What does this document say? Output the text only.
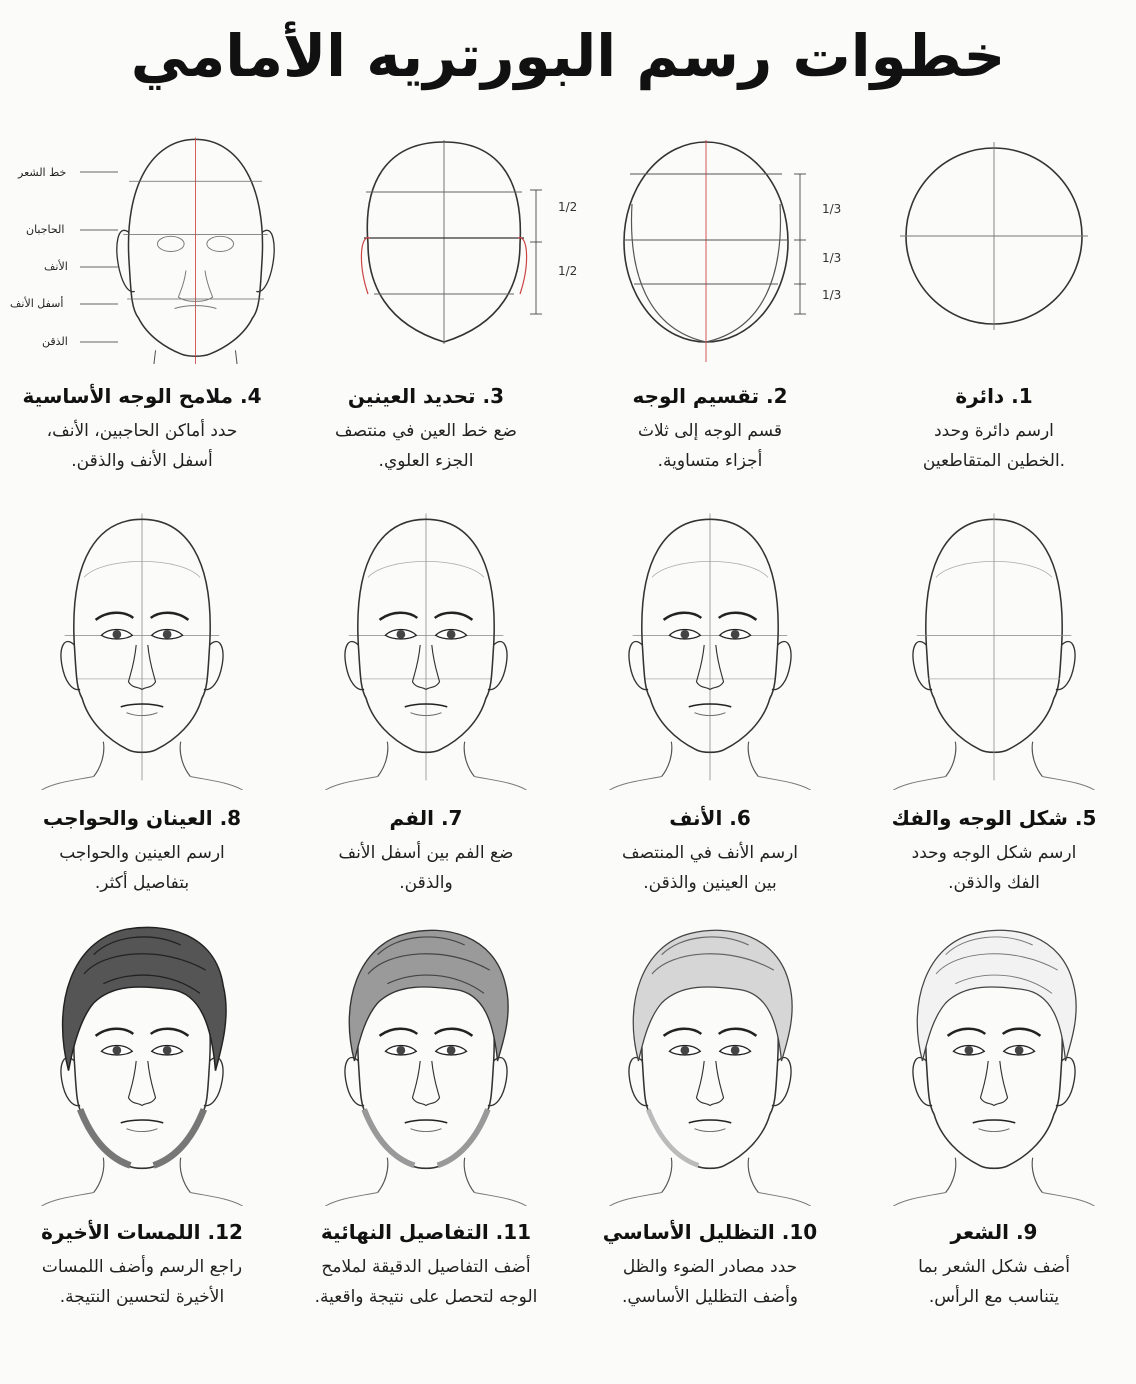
خطوات رسم البورتريه الأمامي
1/3
1/3
1/3
1/2
1/2
خط الشعر
الحاجبان
الأنف
أسفل الأنف
الذقن
1. دائرة

ارسم دائرة وحدد

.الخطين المتقاطعين

2. تقسيم الوجه

قسم الوجه إلى ثلاث

أجزاء متساوية.

3. تحديد العينين

ضع خط العين في منتصف

الجزء العلوي.

4. ملامح الوجه الأساسية

حدد أماكن الحاجبين، الأنف،

أسفل الأنف والذقن.

5. شكل الوجه والفك

ارسم شكل الوجه وحدد

الفك والذقن.

6. الأنف

ارسم الأنف في المنتصف

بين العينين والذقن.

7. الفم

ضع الفم بين أسفل الأنف

والذقن.

8. العينان والحواجب

ارسم العينين والحواجب

بتفاصيل أكثر.

9. الشعر

أضف شكل الشعر بما

يتناسب مع الرأس.

10. التظليل الأساسي

حدد مصادر الضوء والظل

وأضف التظليل الأساسي.

11. التفاصيل النهائية

أضف التفاصيل الدقيقة لملامح

الوجه لتحصل على نتيجة واقعية.

12. اللمسات الأخيرة

راجع الرسم وأضف اللمسات

الأخيرة لتحسين النتيجة.
